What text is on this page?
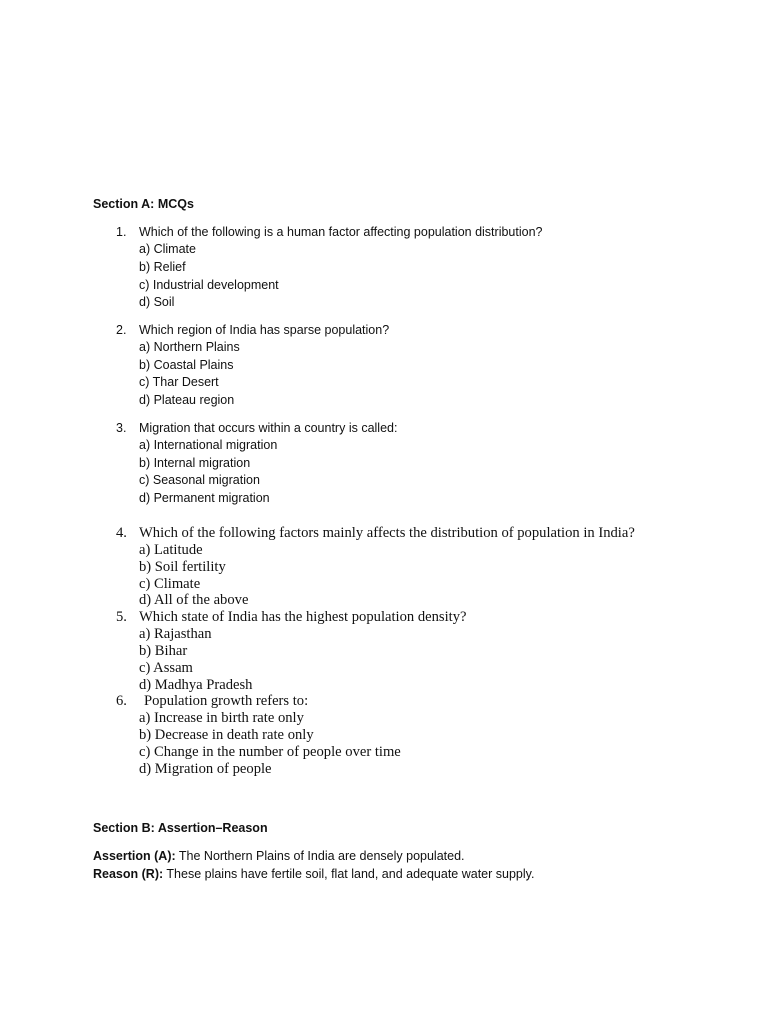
Section A: MCQs
1. Which of the following is a human factor affecting population distribution?
a) Climate
b) Relief
c) Industrial development
d) Soil
2. Which region of India has sparse population?
a) Northern Plains
b) Coastal Plains
c) Thar Desert
d) Plateau region
3. Migration that occurs within a country is called:
a) International migration
b) Internal migration
c) Seasonal migration
d) Permanent migration
4. Which of the following factors mainly affects the distribution of population in India?
a) Latitude
b) Soil fertility
c) Climate
d) All of the above
5. Which state of India has the highest population density?
a) Rajasthan
b) Bihar
c) Assam
d) Madhya Pradesh
6. Population growth refers to:
a) Increase in birth rate only
b) Decrease in death rate only
c) Change in the number of people over time
d) Migration of people
Section B: Assertion–Reason
Assertion (A): The Northern Plains of India are densely populated.
Reason (R): These plains have fertile soil, flat land, and adequate water supply.
